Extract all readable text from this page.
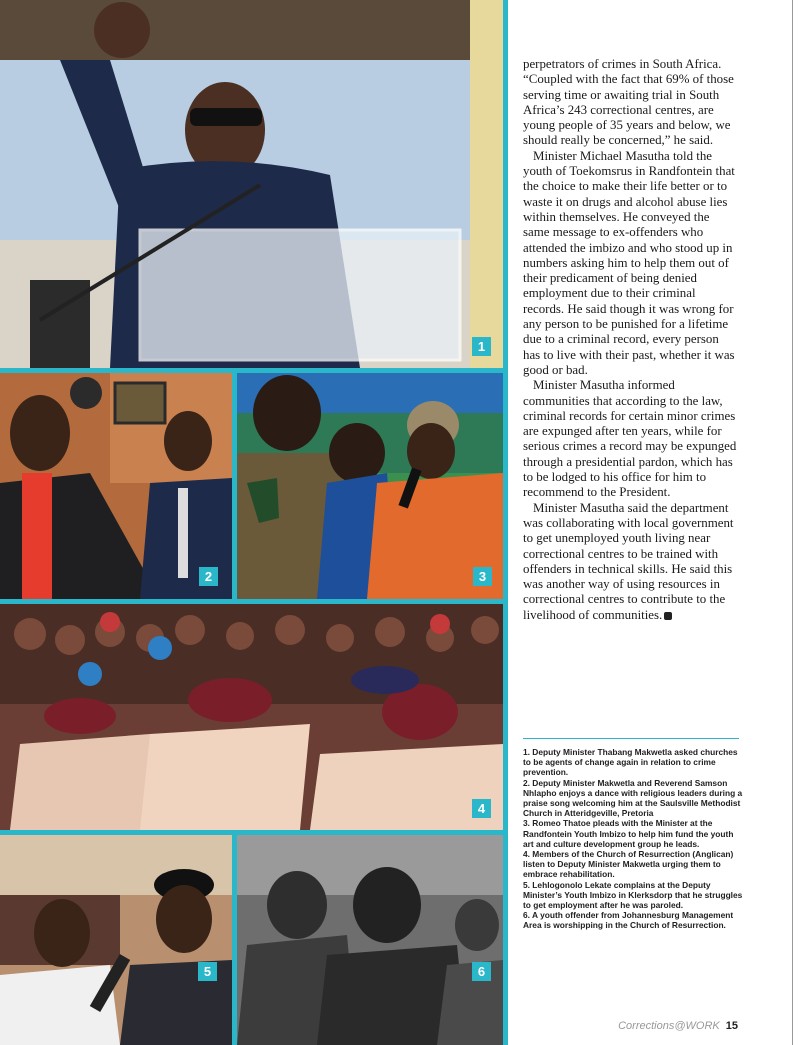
1
2	3
4
5	6

perpetrators of crimes in South Africa. “Coupled with the fact that 69% of those serving time or awaiting trial in South Africa’s 243 correctional centres, are young people of 35 years and below, we should really be concerned,” he said.

Minister Michael Masutha told the youth of Toekomsrus in Randfontein that the choice to make their life better or to waste it on drugs and alcohol abuse lies within themselves. He conveyed the same message to ex-offenders who attended the imbizo and who stood up in numbers asking him to help them out of their predicament of being denied employment due to their criminal records. He said though it was wrong for any person to be punished for a lifetime due to a criminal record, every person has to live with their past, whether it was good or bad.

Minister Masutha informed communities that according to the law, criminal records for certain minor crimes are expunged after ten years, while for serious crimes a record may be expunged through a presidential pardon, which has to be lodged to his office for him to recommend to the President.

Minister Masutha said the department was collaborating with local government to get unemployed youth living near correctional centres to be trained with offenders in technical skills. He said this was another way of using resources in correctional centres to contribute to the livelihood of communities.

1. Deputy Minister Thabang Makwetla asked churches to be agents of change again in relation to crime prevention.
2. Deputy Minister Makwetla and Reverend Samson Nhlapho enjoys a dance with religious leaders during a praise song welcoming him at the Saulsville Methodist Church in Atteridgeville, Pretoria
3. Romeo Thatoe pleads with the Minister at the Randfontein Youth Imbizo to help him fund the youth art and culture development group he leads.
4. Members of the Church of Resurrection (Anglican) listen to Deputy Minister Makwetla urging them to embrace rehabilitation.
5. Lehlogonolo Lekate complains at the Deputy Minister’s Youth Imbizo in Klerksdorp that he struggles to get employment after he was paroled.
6. A youth offender from Johannesburg Management Area is worshipping in the Church of Resurrection.
Corrections@WORK 15
